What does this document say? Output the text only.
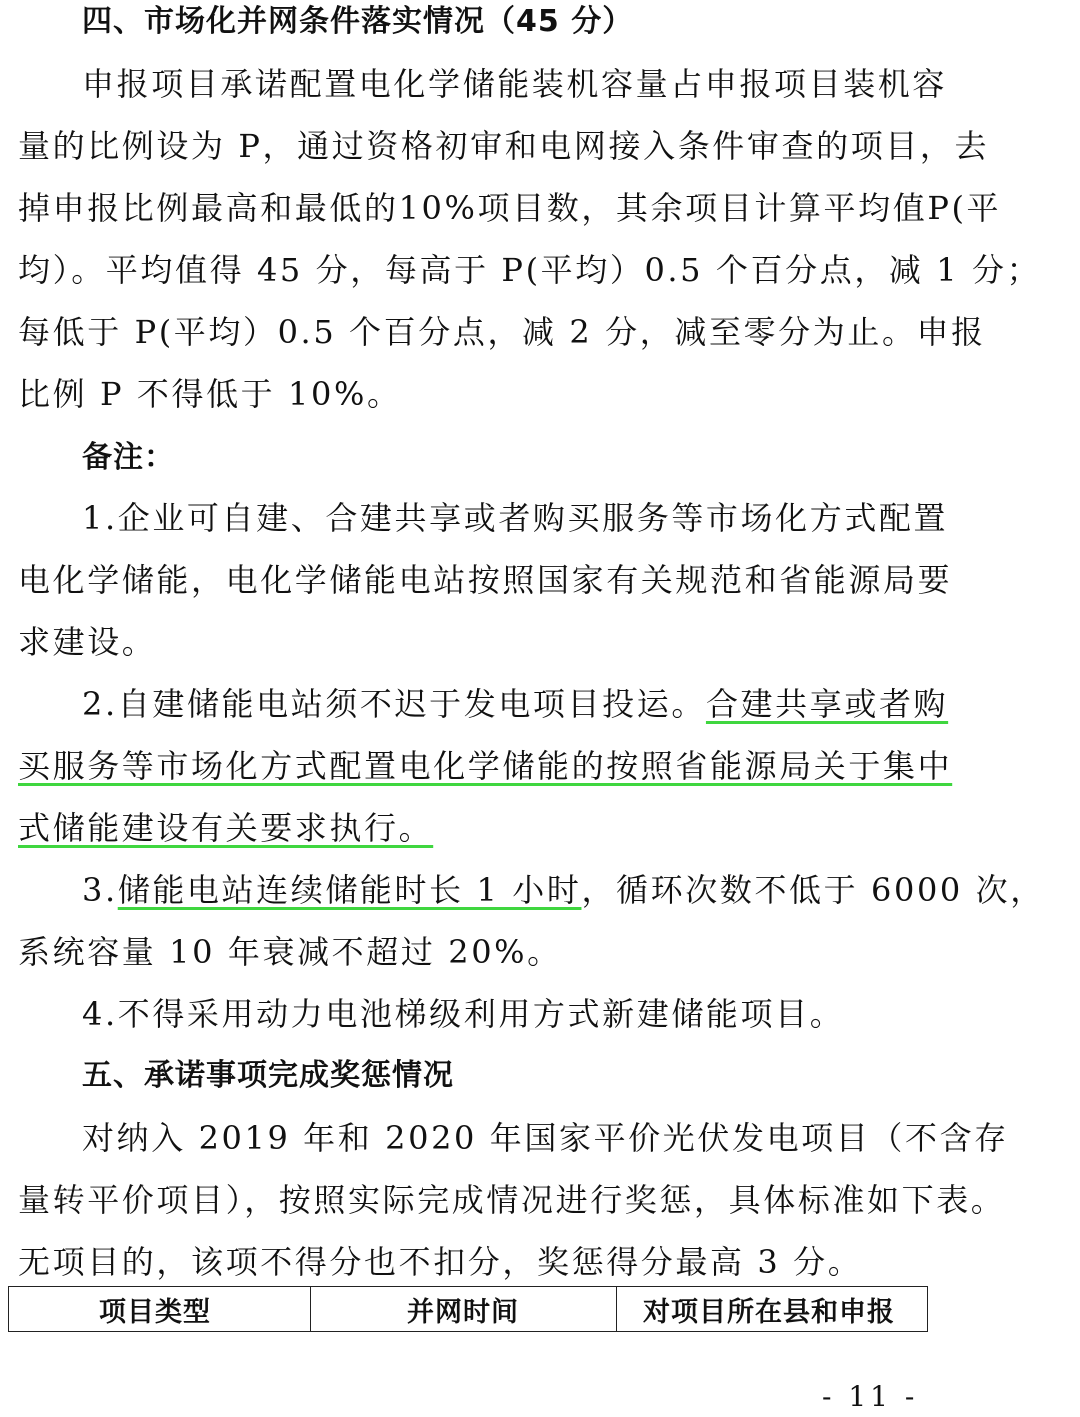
四、市场化并网条件落实情况（45 分）
申报项目承诺配置电化学储能装机容量占申报项目装机容
量的比例设为 P，通过资格初审和电网接入条件审查的项目，去
掉申报比例最高和最低的10%项目数，其余项目计算平均值P(平
均）。平均值得 45 分，每高于 P(平均）0.5 个百分点，减 1 分；
每低于 P(平均）0.5 个百分点，减 2 分，减至零分为止。申报
比例 P 不得低于 10%。
备注：
1.企业可自建、合建共享或者购买服务等市场化方式配置
电化学储能，电化学储能电站按照国家有关规范和省能源局要
求建设。
2.自建储能电站须不迟于发电项目投运。合建共享或者购
买服务等市场化方式配置电化学储能的按照省能源局关于集中
式储能建设有关要求执行。
3.储能电站连续储能时长 1 小时，循环次数不低于 6000 次，
系统容量 10 年衰减不超过 20%。
4.不得采用动力电池梯级利用方式新建储能项目。
五、承诺事项完成奖惩情况
对纳入 2019 年和 2020 年国家平价光伏发电项目（不含存
量转平价项目），按照实际完成情况进行奖惩，具体标准如下表。
无项目的，该项不得分也不扣分，奖惩得分最高 3 分。
项目类型	并网时间	对项目所在县和申报
- 11 -
